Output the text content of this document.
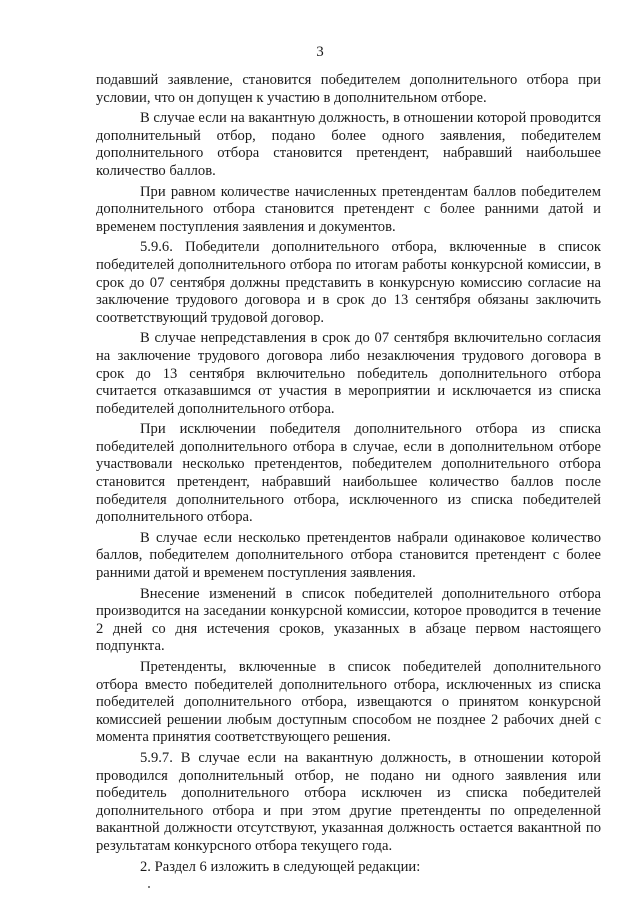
3

подавший заявление, становится победителем дополнительного отбора при условии, что он допущен к участию в дополнительном отборе.

В случае если на вакантную должность, в отношении которой проводится дополнительный отбор, подано более одного заявления, победителем дополнительного отбора становится претендент, набравший наибольшее количество баллов.

При равном количестве начисленных претендентам баллов победителем дополнительного отбора становится претендент с более ранними датой и временем поступления заявления и документов.

5.9.6. Победители дополнительного отбора, включенные в список победителей дополнительного отбора по итогам работы конкурсной комиссии, в срок до 07 сентября должны представить в конкурсную комиссию согласие на заключение трудового договора и в срок до 13 сентября обязаны заключить соответствующий трудовой договор.

В случае непредставления в срок до 07 сентября включительно согласия на заключение трудового договора либо незаключения трудового договора в срок до 13 сентября включительно победитель дополнительного отбора считается отказавшимся от участия в мероприятии и исключается из списка победителей дополнительного отбора.

При исключении победителя дополнительного отбора из списка победителей дополнительного отбора в случае, если в дополнительном отборе участвовали несколько претендентов, победителем дополнительного отбора становится претендент, набравший наибольшее количество баллов после победителя дополнительного отбора, исключенного из списка победителей дополнительного отбора.

В случае если несколько претендентов набрали одинаковое количество баллов, победителем дополнительного отбора становится претендент с более ранними датой и временем поступления заявления.

Внесение изменений в список победителей дополнительного отбора производится на заседании конкурсной комиссии, которое проводится в течение 2 дней со дня истечения сроков, указанных в абзаце первом настоящего подпункта.

Претенденты, включенные в список победителей дополнительного отбора вместо победителей дополнительного отбора, исключенных из списка победителей дополнительного отбора, извещаются о принятом конкурсной комиссией решении любым доступным способом не позднее 2 рабочих дней с момента принятия соответствующего решения.

5.9.7. В случае если на вакантную должность, в отношении которой проводился дополнительный отбор, не подано ни одного заявления или победитель дополнительного отбора исключен из списка победителей дополнительного отбора и при этом другие претенденты по определенной вакантной должности отсутствуют, указанная должность остается вакантной по результатам конкурсного отбора текущего года.

2. Раздел 6 изложить в следующей редакции:
